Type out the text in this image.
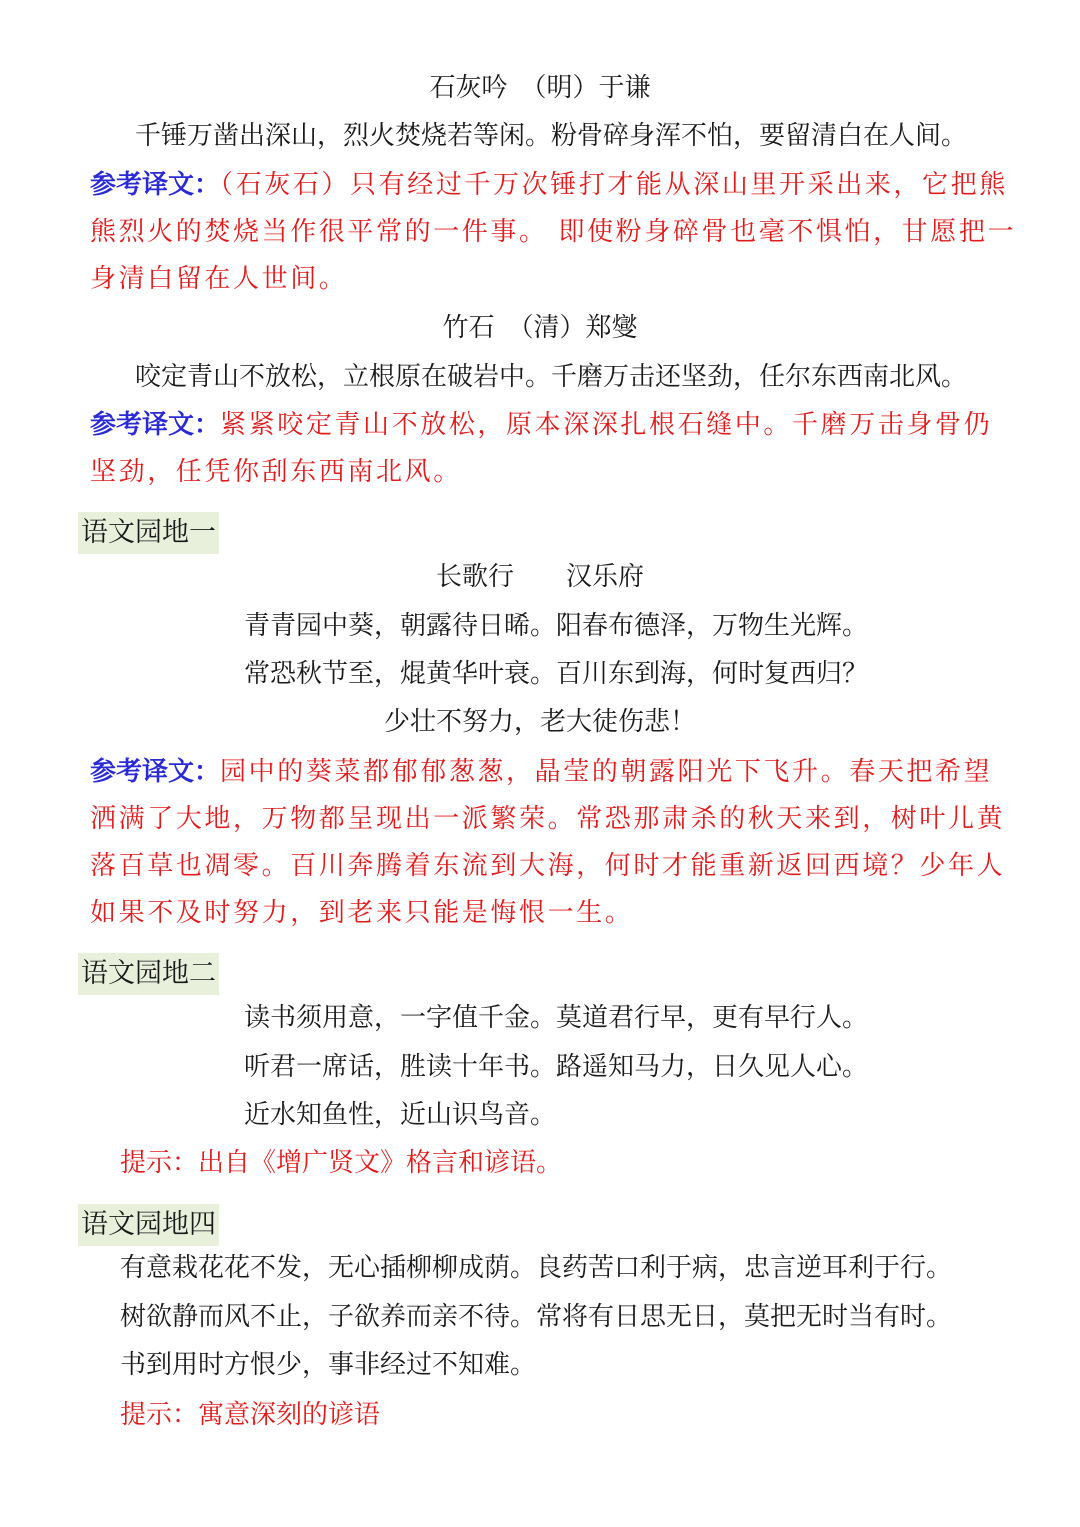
石灰吟　（明）于谦
千锤万凿出深山，烈火焚烧若等闲。粉骨碎身浑不怕，要留清白在人间。
参考译文：（石灰石）只有经过千万次锤打才能从深山里开采出来，它把熊熊烈火的焚烧当作很平常的一件事。 即使粉身碎骨也毫不惧怕，甘愿把一身清白留在人世间。
竹石　（清）郑燮
咬定青山不放松，立根原在破岩中。千磨万击还坚劲，任尔东西南北风。
参考译文：紧紧咬定青山不放松，原本深深扎根石缝中。千磨万击身骨仍坚劲，任凭你刮东西南北风。
语文园地一
长歌行　　汉乐府
青青园中葵，朝露待日晞。阳春布德泽，万物生光辉。
常恐秋节至，焜黄华叶衰。百川东到海，何时复西归？
少壮不努力，老大徒伤悲！
参考译文：园中的葵菜都郁郁葱葱，晶莹的朝露阳光下飞升。春天把希望洒满了大地，万物都呈现出一派繁荣。常恐那肃杀的秋天来到，树叶儿黄落百草也凋零。百川奔腾着东流到大海，何时才能重新返回西境？少年人如果不及时努力，到老来只能是悔恨一生。
语文园地二
读书须用意，一字值千金。莫道君行早，更有早行人。
听君一席话，胜读十年书。路遥知马力，日久见人心。
近水知鱼性，近山识鸟音。
提示：出自《增广贤文》格言和谚语。
语文园地四
有意栽花花不发，无心插柳柳成荫。良药苦口利于病，忠言逆耳利于行。
树欲静而风不止，子欲养而亲不待。常将有日思无日，莫把无时当有时。
书到用时方恨少，事非经过不知难。
提示：寓意深刻的谚语
